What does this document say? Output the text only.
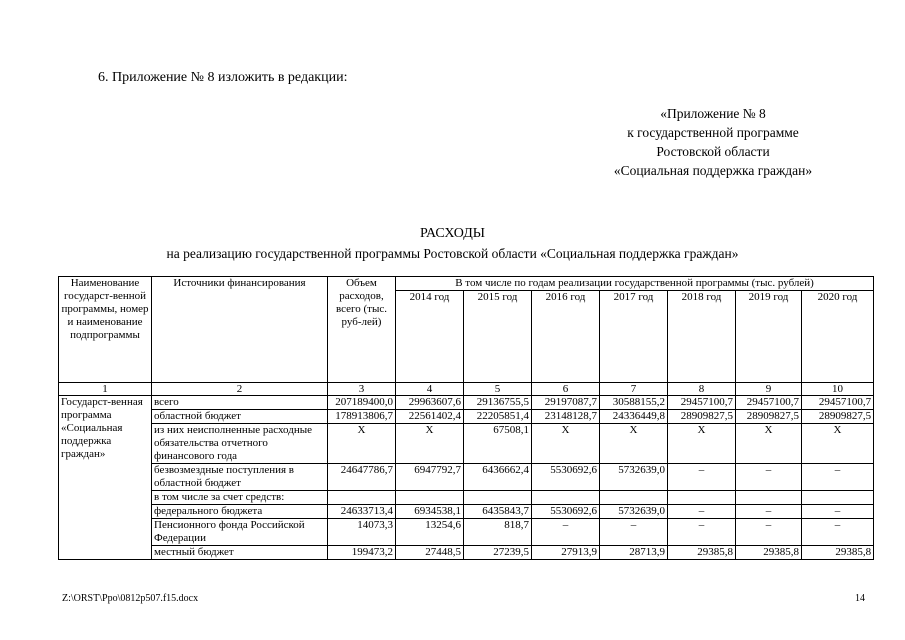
6. Приложение № 8 изложить в редакции:
«Приложение № 8
к государственной программе
Ростовской области
«Социальная поддержка граждан»
РАСХОДЫ
на реализацию государственной программы Ростовской области «Социальная поддержка граждан»
Наименование государст-венной программы, номер и наименование подпрограммы	Источники финансирования	Объем расходов, всего (тыс. руб-лей)	В том числе по годам реализации государственной программы (тыс. рублей)						
			2014 год	2015 год	2016 год	2017 год	2018 год	2019 год	2020 год
1	2	3	4	5	6	7	8	9	10
Государст-венная программа «Социальная поддержка граждан»	всего	207189400,0	29963607,6	29136755,5	29197087,7	30588155,2	29457100,7	29457100,7	29457100,7
	областной бюджет	178913806,7	22561402,4	22205851,4	23148128,7	24336449,8	28909827,5	28909827,5	28909827,5
	из них неисполненные расходные обязательства отчетного финансового года	Х	Х	67508,1	Х	Х	Х	Х	Х
	безвозмездные поступления в областной бюджет	24647786,7	6947792,7	6436662,4	5530692,6	5732639,0	–	–	–
	в том числе за счет средств:								
	федерального бюджета	24633713,4	6934538,1	6435843,7	5530692,6	5732639,0	–	–	–
	Пенсионного фонда Российской Федерации	14073,3	13254,6	818,7	–	–	–	–	–
	местный бюджет	199473,2	27448,5	27239,5	27913,9	28713,9	29385,8	29385,8	29385,8
Z:\ORST\Ppo\0812p507.f15.docx	14
